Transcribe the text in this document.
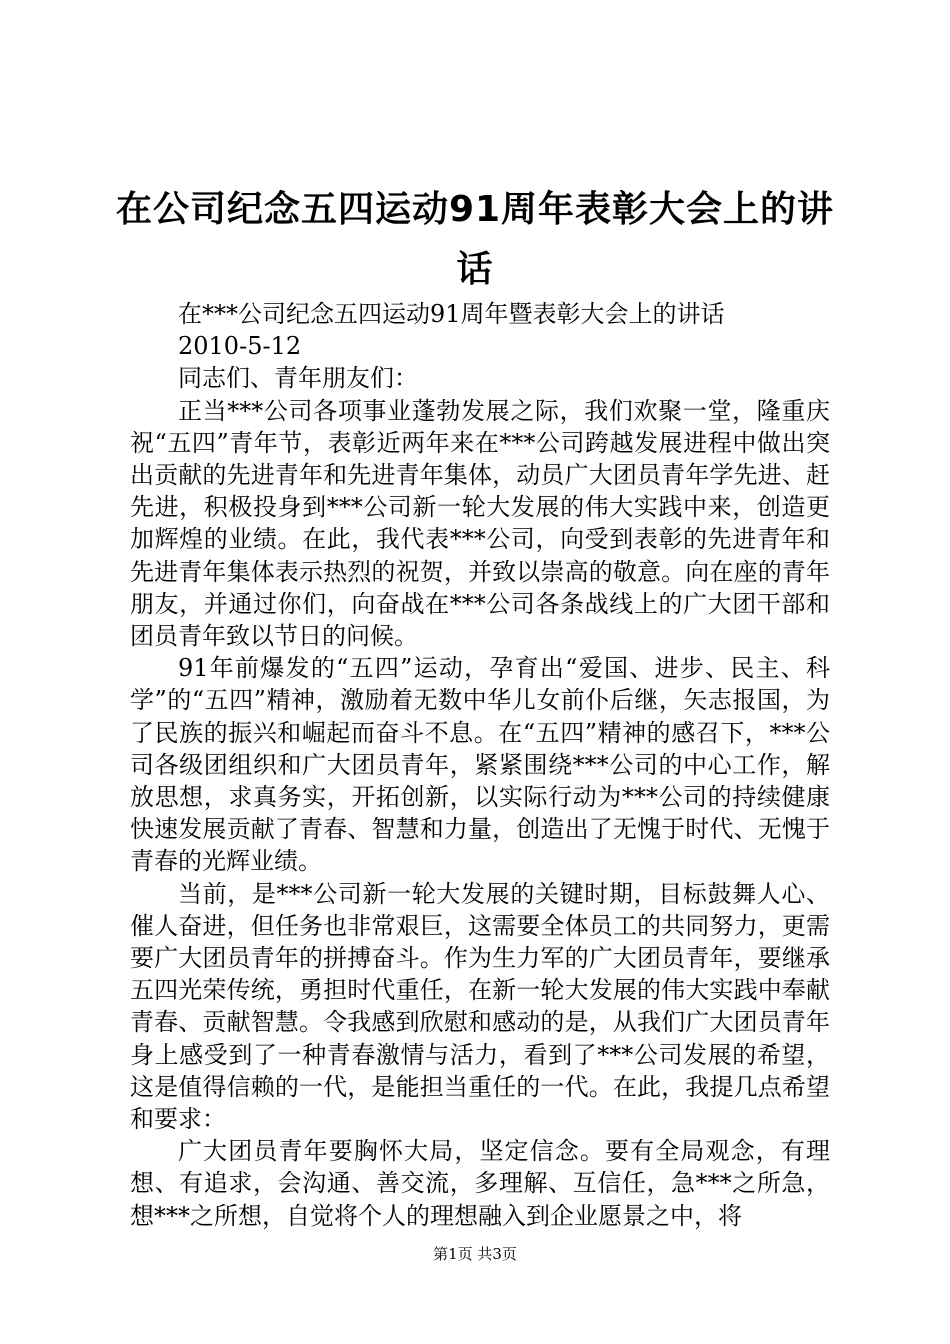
在公司纪念五四运动91周年表彰大会上的讲话

在***公司纪念五四运动91周年暨表彰大会上的讲话

2010-5-12

同志们、青年朋友们：

正当***公司各项事业蓬勃发展之际，我们欢聚一堂，隆重庆祝“五四”青年节，表彰近两年来在***公司跨越发展进程中做出突出贡献的先进青年和先进青年集体，动员广大团员青年学先进、赶先进，积极投身到***公司新一轮大发展的伟大实践中来，创造更加辉煌的业绩。在此，我代表***公司，向受到表彰的先进青年和先进青年集体表示热烈的祝贺，并致以崇高的敬意。向在座的青年朋友，并通过你们，向奋战在***公司各条战线上的广大团干部和团员青年致以节日的问候。

91年前爆发的“五四”运动，孕育出“爱国、进步、民主、科学”的“五四”精神，激励着无数中华儿女前仆后继，矢志报国，为了民族的振兴和崛起而奋斗不息。在“五四”精神的感召下，***公司各级团组织和广大团员青年，紧紧围绕***公司的中心工作，解放思想，求真务实，开拓创新，以实际行动为***公司的持续健康快速发展贡献了青春、智慧和力量，创造出了无愧于时代、无愧于青春的光辉业绩。

当前，是***公司新一轮大发展的关键时期，目标鼓舞人心、催人奋进，但任务也非常艰巨，这需要全体员工的共同努力，更需要广大团员青年的拼搏奋斗。作为生力军的广大团员青年，要继承五四光荣传统，勇担时代重任，在新一轮大发展的伟大实践中奉献青春、贡献智慧。令我感到欣慰和感动的是，从我们广大团员青年身上感受到了一种青春激情与活力，看到了***公司发展的希望，这是值得信赖的一代，是能担当重任的一代。在此，我提几点希望和要求：

广大团员青年要胸怀大局，坚定信念。要有全局观念，有理想、有追求，会沟通、善交流，多理解、互信任，急***之所急，想***之所想，自觉将个人的理想融入到企业愿景之中，将

第1页 共3页
